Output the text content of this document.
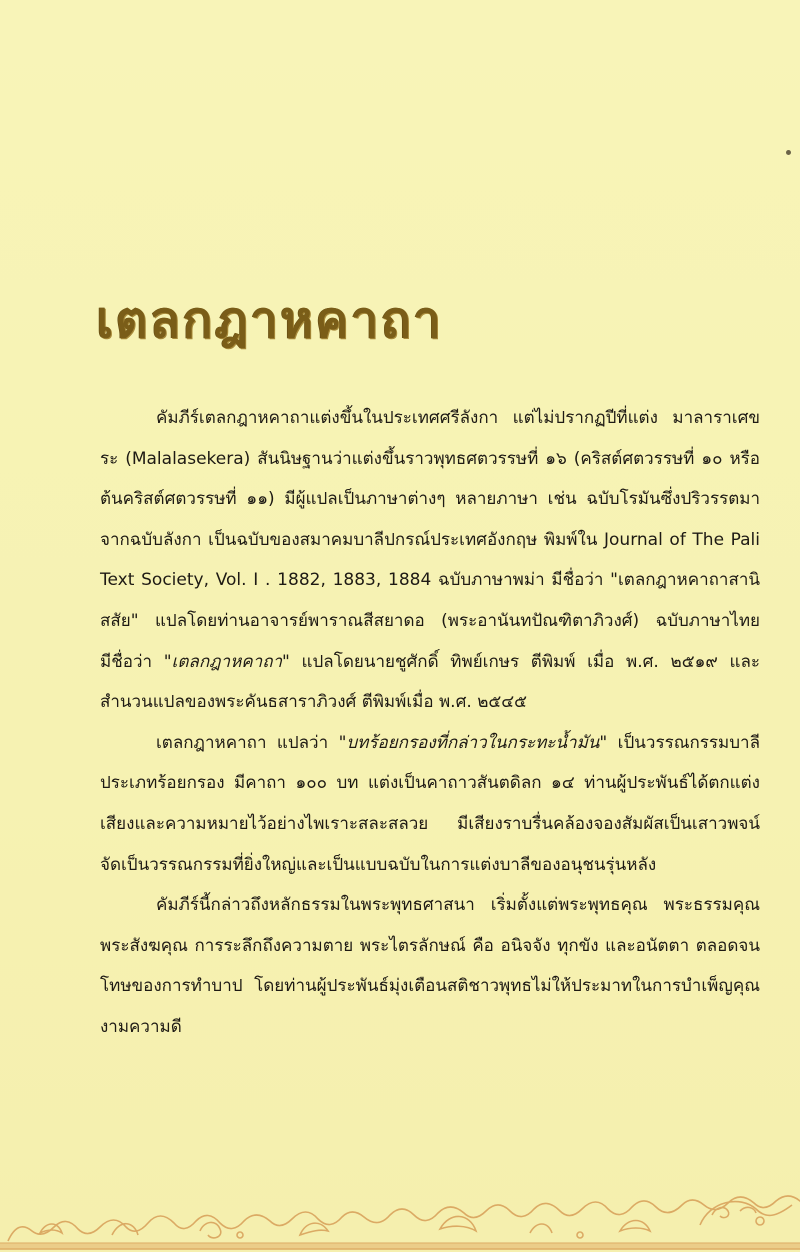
เตลกฎาหคาถา

คัมภีร์เตลกฎาหคาถาแต่งขึ้นในประเทศศรีลังกา แต่ไม่ปรากฏปีที่แต่ง มาลาราเศขระ (Malalasekera) สันนิษฐานว่าแต่งขึ้นราวพุทธศตวรรษที่ ๑๖ (คริสต์ศตวรรษที่ ๑๐ หรือต้นคริสต์ศตวรรษที่ ๑๑) มีผู้แปลเป็นภาษาต่างๆ หลายภาษา เช่น ฉบับโรมันซึ่งปริวรรตมาจากฉบับลังกา เป็นฉบับของสมาคมบาลีปกรณ์ประเทศอังกฤษ พิมพ์ใน Journal of The Pali Text Society, Vol. I . 1882, 1883, 1884 ฉบับภาษาพม่า มีชื่อว่า "เตลกฎาหคาถาสานิสสัย" แปลโดยท่านอาจารย์พาราณสีสยาดอ (พระอานันทปัณฑิตาภิวงศ์) ฉบับภาษาไทย มีชื่อว่า "เตลกฎาหคาถา" แปลโดยนายชูศักดิ์ ทิพย์เกษร ตีพิมพ์ เมื่อ พ.ศ. ๒๕๑๙ และสำนวนแปลของพระคันธสาราภิวงศ์ ตีพิมพ์เมื่อ พ.ศ. ๒๕๔๕

เตลกฎาหคาถา แปลว่า "บทร้อยกรองที่กล่าวในกระทะน้ำมัน" เป็นวรรณกรรมบาลีประเภทร้อยกรอง มีคาถา ๑๐๐ บท แต่งเป็นคาถาวสันตดิลก ๑๔ ท่านผู้ประพันธ์ได้ตกแต่งเสียงและความหมายไว้อย่างไพเราะสละสลวย มีเสียงราบรื่นคล้องจองสัมผัสเป็นเสาวพจน์ จัดเป็นวรรณกรรมที่ยิ่งใหญ่และเป็นแบบฉบับในการแต่งบาลีของอนุชนรุ่นหลัง

คัมภีร์นี้กล่าวถึงหลักธรรมในพระพุทธศาสนา เริ่มตั้งแต่พระพุทธคุณ พระธรรมคุณ พระสังฆคุณ การระลึกถึงความตาย พระไตรลักษณ์ คือ อนิจจัง ทุกขัง และอนัตตา ตลอดจนโทษของการทำบาป โดยท่านผู้ประพันธ์มุ่งเตือนสติชาวพุทธไม่ให้ประมาทในการบำเพ็ญคุณงามความดี
